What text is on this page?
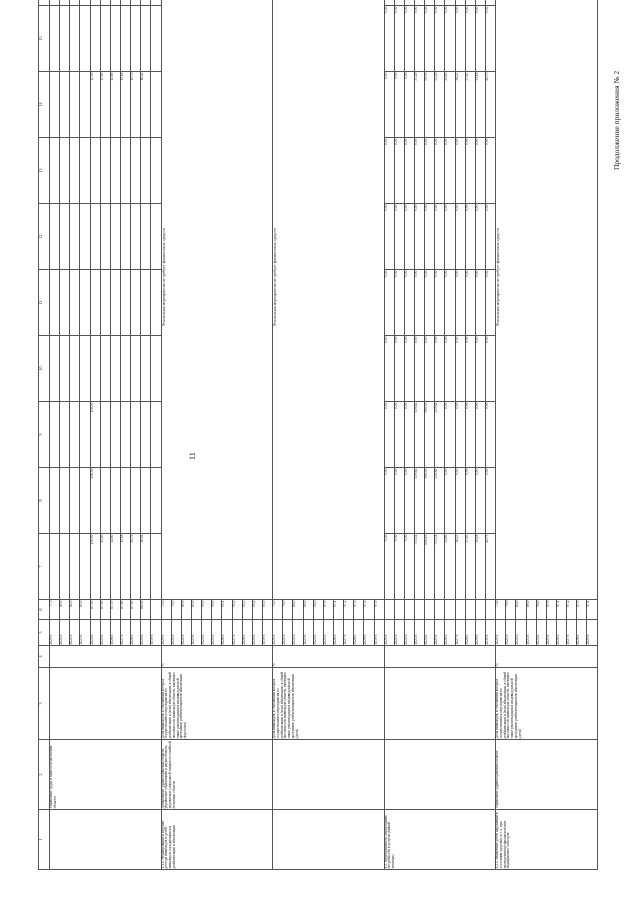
11
Продолжение приложения № 2
1	2	3	4	5	6	7	8	9	10	11	12	13	14	15	
	Управление труда и занятости населения области			2020 г.	77,5										
				2021 г.	80,0										
				2022 г.	82,5										
				2023 г.	85,0										
				2024 г.	87,50	130,00	136,50	136,50					13,50		
				2025 г.	87,50	13,65							13,65		
				2026 г.	87,70	14,60							14,60		
				2027 г.	87,80	15,18							15,18		
				2028 г.	87,90	15,79							15,79		
				2029 г.	88,00	16,42							16,42		
				2030 г.											
1.1.1. Формирование и ведение реестра инвалидов и детей-инвалидов, нуждающихся в реабилитации и абилитации	Департамент здравоохранения области, управление образования и науки области, управление социальной защиты и семейной политики области	Доля инвалидов, в отношении которых осуществлялись мероприятия по реабилитации и (или) абилитации, в общей численности инвалидов области, имеющих такие рекомендации в индивидуальной программе реабилитации или абилитации (взрослые)	%	2020 г.	73,0	Реализация мероприятия не требует финансовых средств									
				2021 г.	75,0										
				2022 г.	80,0										
				2023 г.	85,0										
				2024 г.	90,0										
				2025 г.	95,0										
				2026 г.	95,1										
				2027 г.	95,2										
				2028 г.	95,3										
				2029 г.	95,4										
				2030 г.	95,5										
		Доля инвалидов, в отношении которых осуществлялись мероприятия по реабилитации и (или) абилитации, в общей численности инвалидов области, имеющих такие рекомендации в индивидуальной программе реабилитации или абилитации (дети)	%	2020 г.	75,0	Реализация мероприятия не требует финансовых средств									
				2021 г.	79,0										
				2022 г.	84,0										
				2023 г.	89,0										
				2024 г.	94,0										
				2025 г.	97,0										
				2026 г.	97,1										
				2027 г.	97,2										
				2028 г.	97,3										
				2029 г.	97,4										
				2030 г.	97,5										
1.2. Мероприятия по определению потребности в услугах ранней помощи»				2020 г.		0,00	0,00	0,00	0,00	0,00	0,00	0,00	0,00	0,00	
				2021 г.		0,00	0,00	0,00	0,00	0,00	0,00	0,00	0,00	0,00	
				2022 г.		0,00	0,00	0,00	0,00	0,00	0,00	0,00	0,00	0,00	
				2023 г.		373,11	339,62	339,62	0,00	0,00	0,00	0,00	33,49	0,00	
				2024 г.		656,10	599,05	599,05	0,00	0,00	0,00	0,00	59,05	0,00	
				2025 г.		373,11	339,62	339,62	0,00	0,00	0,00	0,00	33,49	0,00	
				2026 г.		34,83	0,00	0,00	0,00	0,00	0,00	0,00	34,83	0,00	
				2027 г.		36,23	0,00	0,00	0,00	0,00	0,00	0,00	36,23	0,00	
				2028 г.		37,67	0,00	0,00	0,00	0,00	0,00	0,00	37,67	0,00	
				2029 г.		39,18	0,00	0,00	0,00	0,00	0,00	0,00	39,18	0,00	
				2030 г.		40,75	0,00	0,00	0,00	0,00	0,00	0,00	40,75	0,00	
1.2.1. Выявление детей нарушений в состоянии здоровья, в т. ч. при проведении профилактических медицинских осмотров	Управление здравоохранения области	Доля инвалидов, в отношении которых осуществлялись мероприятия по реабилитации и (или) абилитации, в общей численности инвалидов области, имеющих такие рекомендации в индивидуальной программе реабилитации или абилитации (дети)	%	2020 г.	73,8	Реализация мероприятия не требует финансовых средств									
				2021 г.	79,0										
				2022 г.	84,0										
				2023 г.	89,0										
				2024 г.	94,0										
				2025 г.	97,0										
				2026 г.	97,1										
				2027 г.	97,2										
				2028 г.	97,3										
				2029 г.	97,4										
